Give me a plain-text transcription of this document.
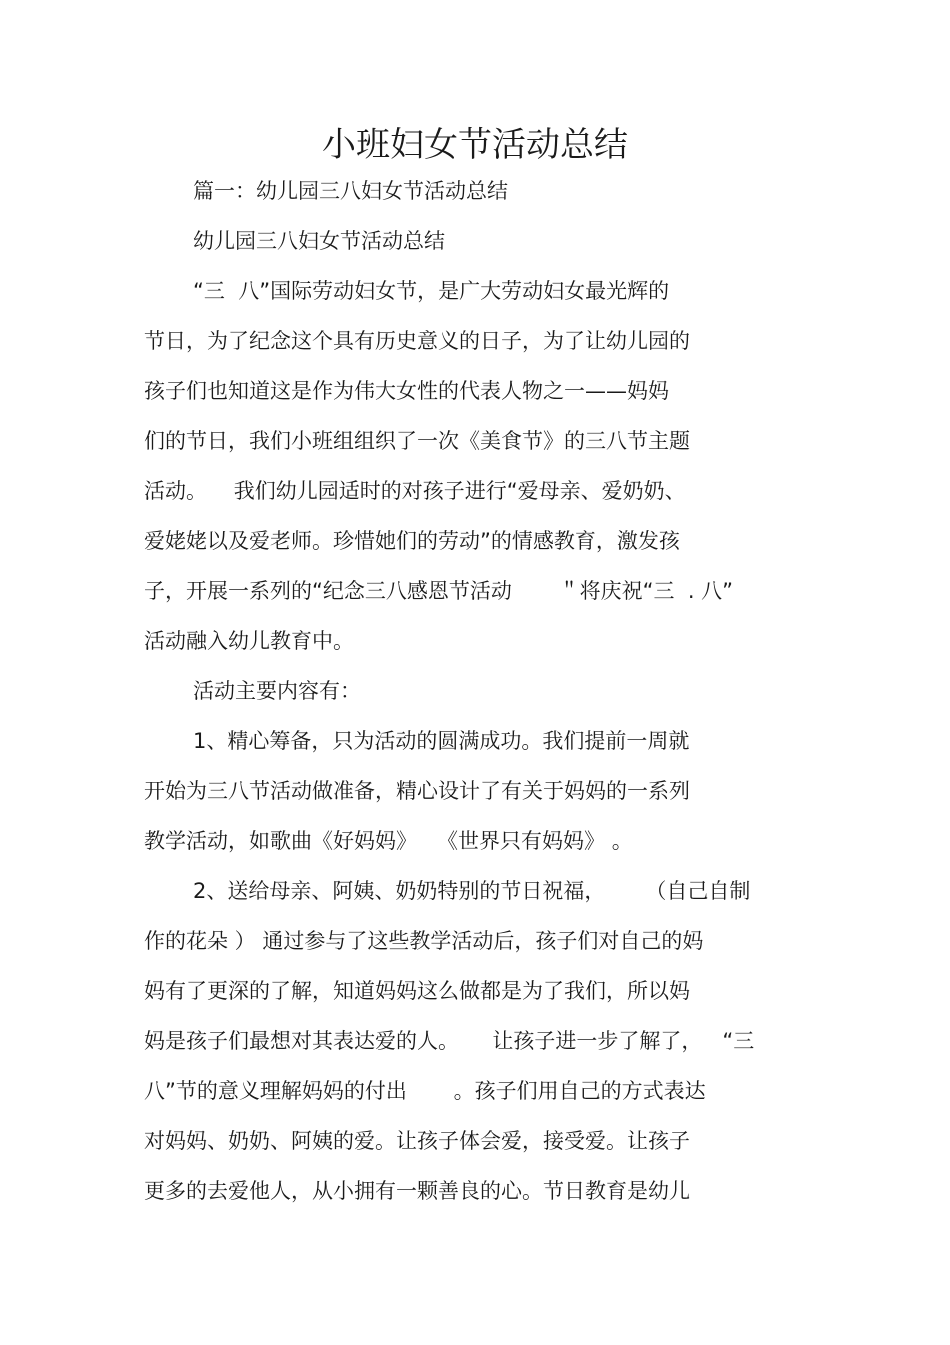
小班妇女节活动总结

篇一：幼儿园三八妇女节活动总结

幼儿园三八妇女节活动总结

“三  八”国际劳动妇女节，是广大劳动妇女最光辉的

节日，为了纪念这个具有历史意义的日子，为了让幼儿园的

孩子们也知道这是作为伟大女性的代表人物之一——妈妈

们的节日，我们小班组组织了一次《美食节》的三八节主题

活动。    我们幼儿园适时的对孩子进行“爱母亲、爱奶奶、

爱姥姥以及爱老师。珍惜她们的劳动”的情感教育，激发孩

子，开展一系列的“纪念三八感恩节活动       ＂将庆祝“三  . 八”

活动融入幼儿教育中。

活动主要内容有：

1、精心筹备，只为活动的圆满成功。我们提前一周就

开始为三八节活动做准备，精心设计了有关于妈妈的一系列

教学活动，如歌曲《好妈妈》   《世界只有妈妈》 。

2、送给母亲、阿姨、奶奶特别的节日祝福，      （自己自制

作的花朵 ） 通过参与了这些教学活动后，孩子们对自己的妈

妈有了更深的了解，知道妈妈这么做都是为了我们，所以妈

妈是孩子们最想对其表达爱的人。     让孩子进一步了解了，   “三

八”节的意义理解妈妈的付出       。孩子们用自己的方式表达

对妈妈、奶奶、阿姨的爱。让孩子体会爱，接受爱。让孩子

更多的去爱他人，从小拥有一颗善良的心。节日教育是幼儿
